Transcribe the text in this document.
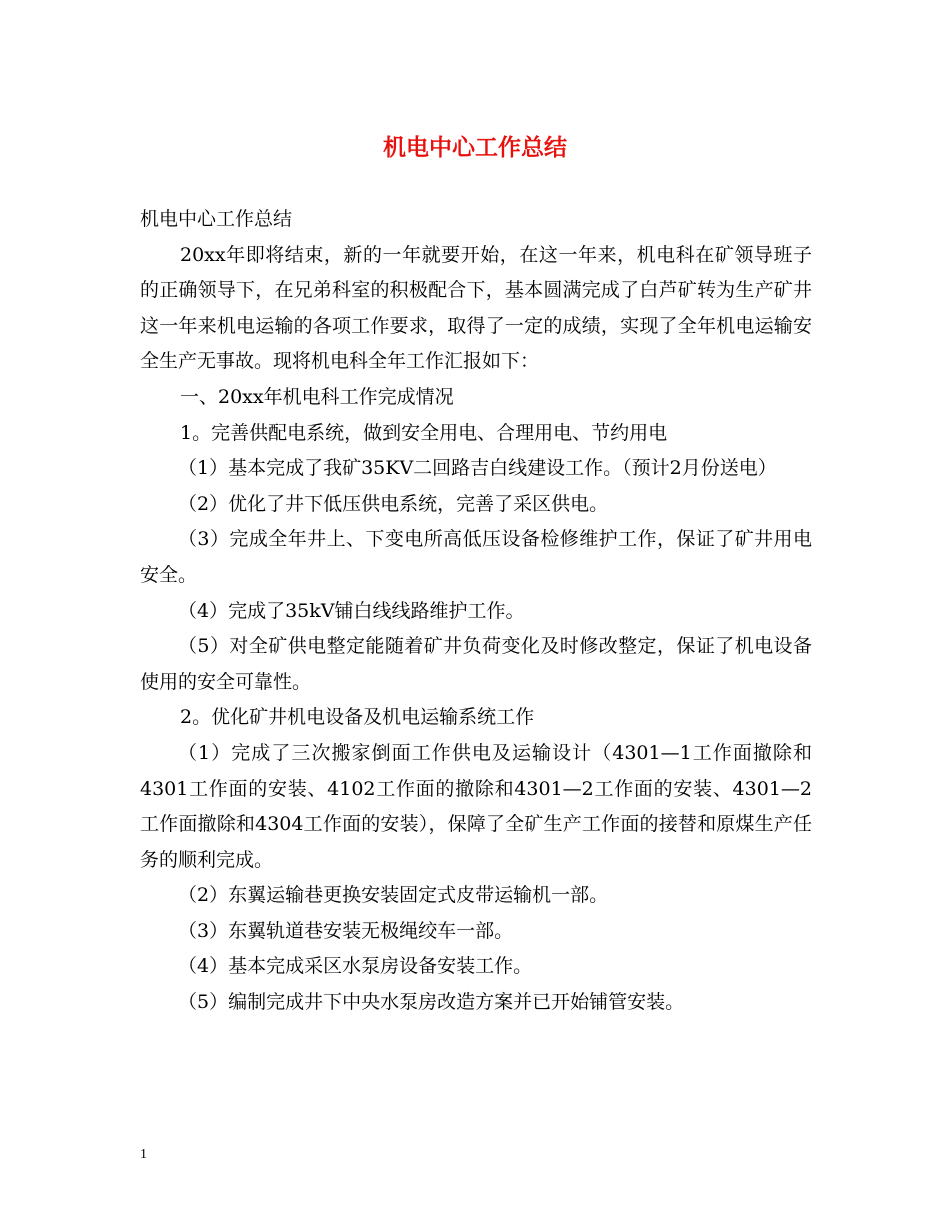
机电中心工作总结

机电中心工作总结

20xx年即将结束，新的一年就要开始，在这一年来，机电科在矿领导班子的正确领导下，在兄弟科室的积极配合下，基本圆满完成了白芦矿转为生产矿井这一年来机电运输的各项工作要求，取得了一定的成绩，实现了全年机电运输安全生产无事故。现将机电科全年工作汇报如下：

一、20xx年机电科工作完成情况

1。完善供配电系统，做到安全用电、合理用电、节约用电

（1）基本完成了我矿35KV二回路吉白线建设工作。（预计2月份送电）

（2）优化了井下低压供电系统，完善了采区供电。

（3）完成全年井上、下变电所高低压设备检修维护工作，保证了矿井用电安全。

（4）完成了35kV铺白线线路维护工作。

（5）对全矿供电整定能随着矿井负荷变化及时修改整定，保证了机电设备使用的安全可靠性。

2。优化矿井机电设备及机电运输系统工作

（1）完成了三次搬家倒面工作供电及运输设计（4301—1工作面撤除和4301工作面的安装、4102工作面的撤除和4301—2工作面的安装、4301—2工作面撤除和4304工作面的安装），保障了全矿生产工作面的接替和原煤生产任务的顺利完成。

（2）东翼运输巷更换安装固定式皮带运输机一部。

（3）东翼轨道巷安装无极绳绞车一部。

（4）基本完成采区水泵房设备安装工作。

（5）编制完成井下中央水泵房改造方案并已开始铺管安装。

1
